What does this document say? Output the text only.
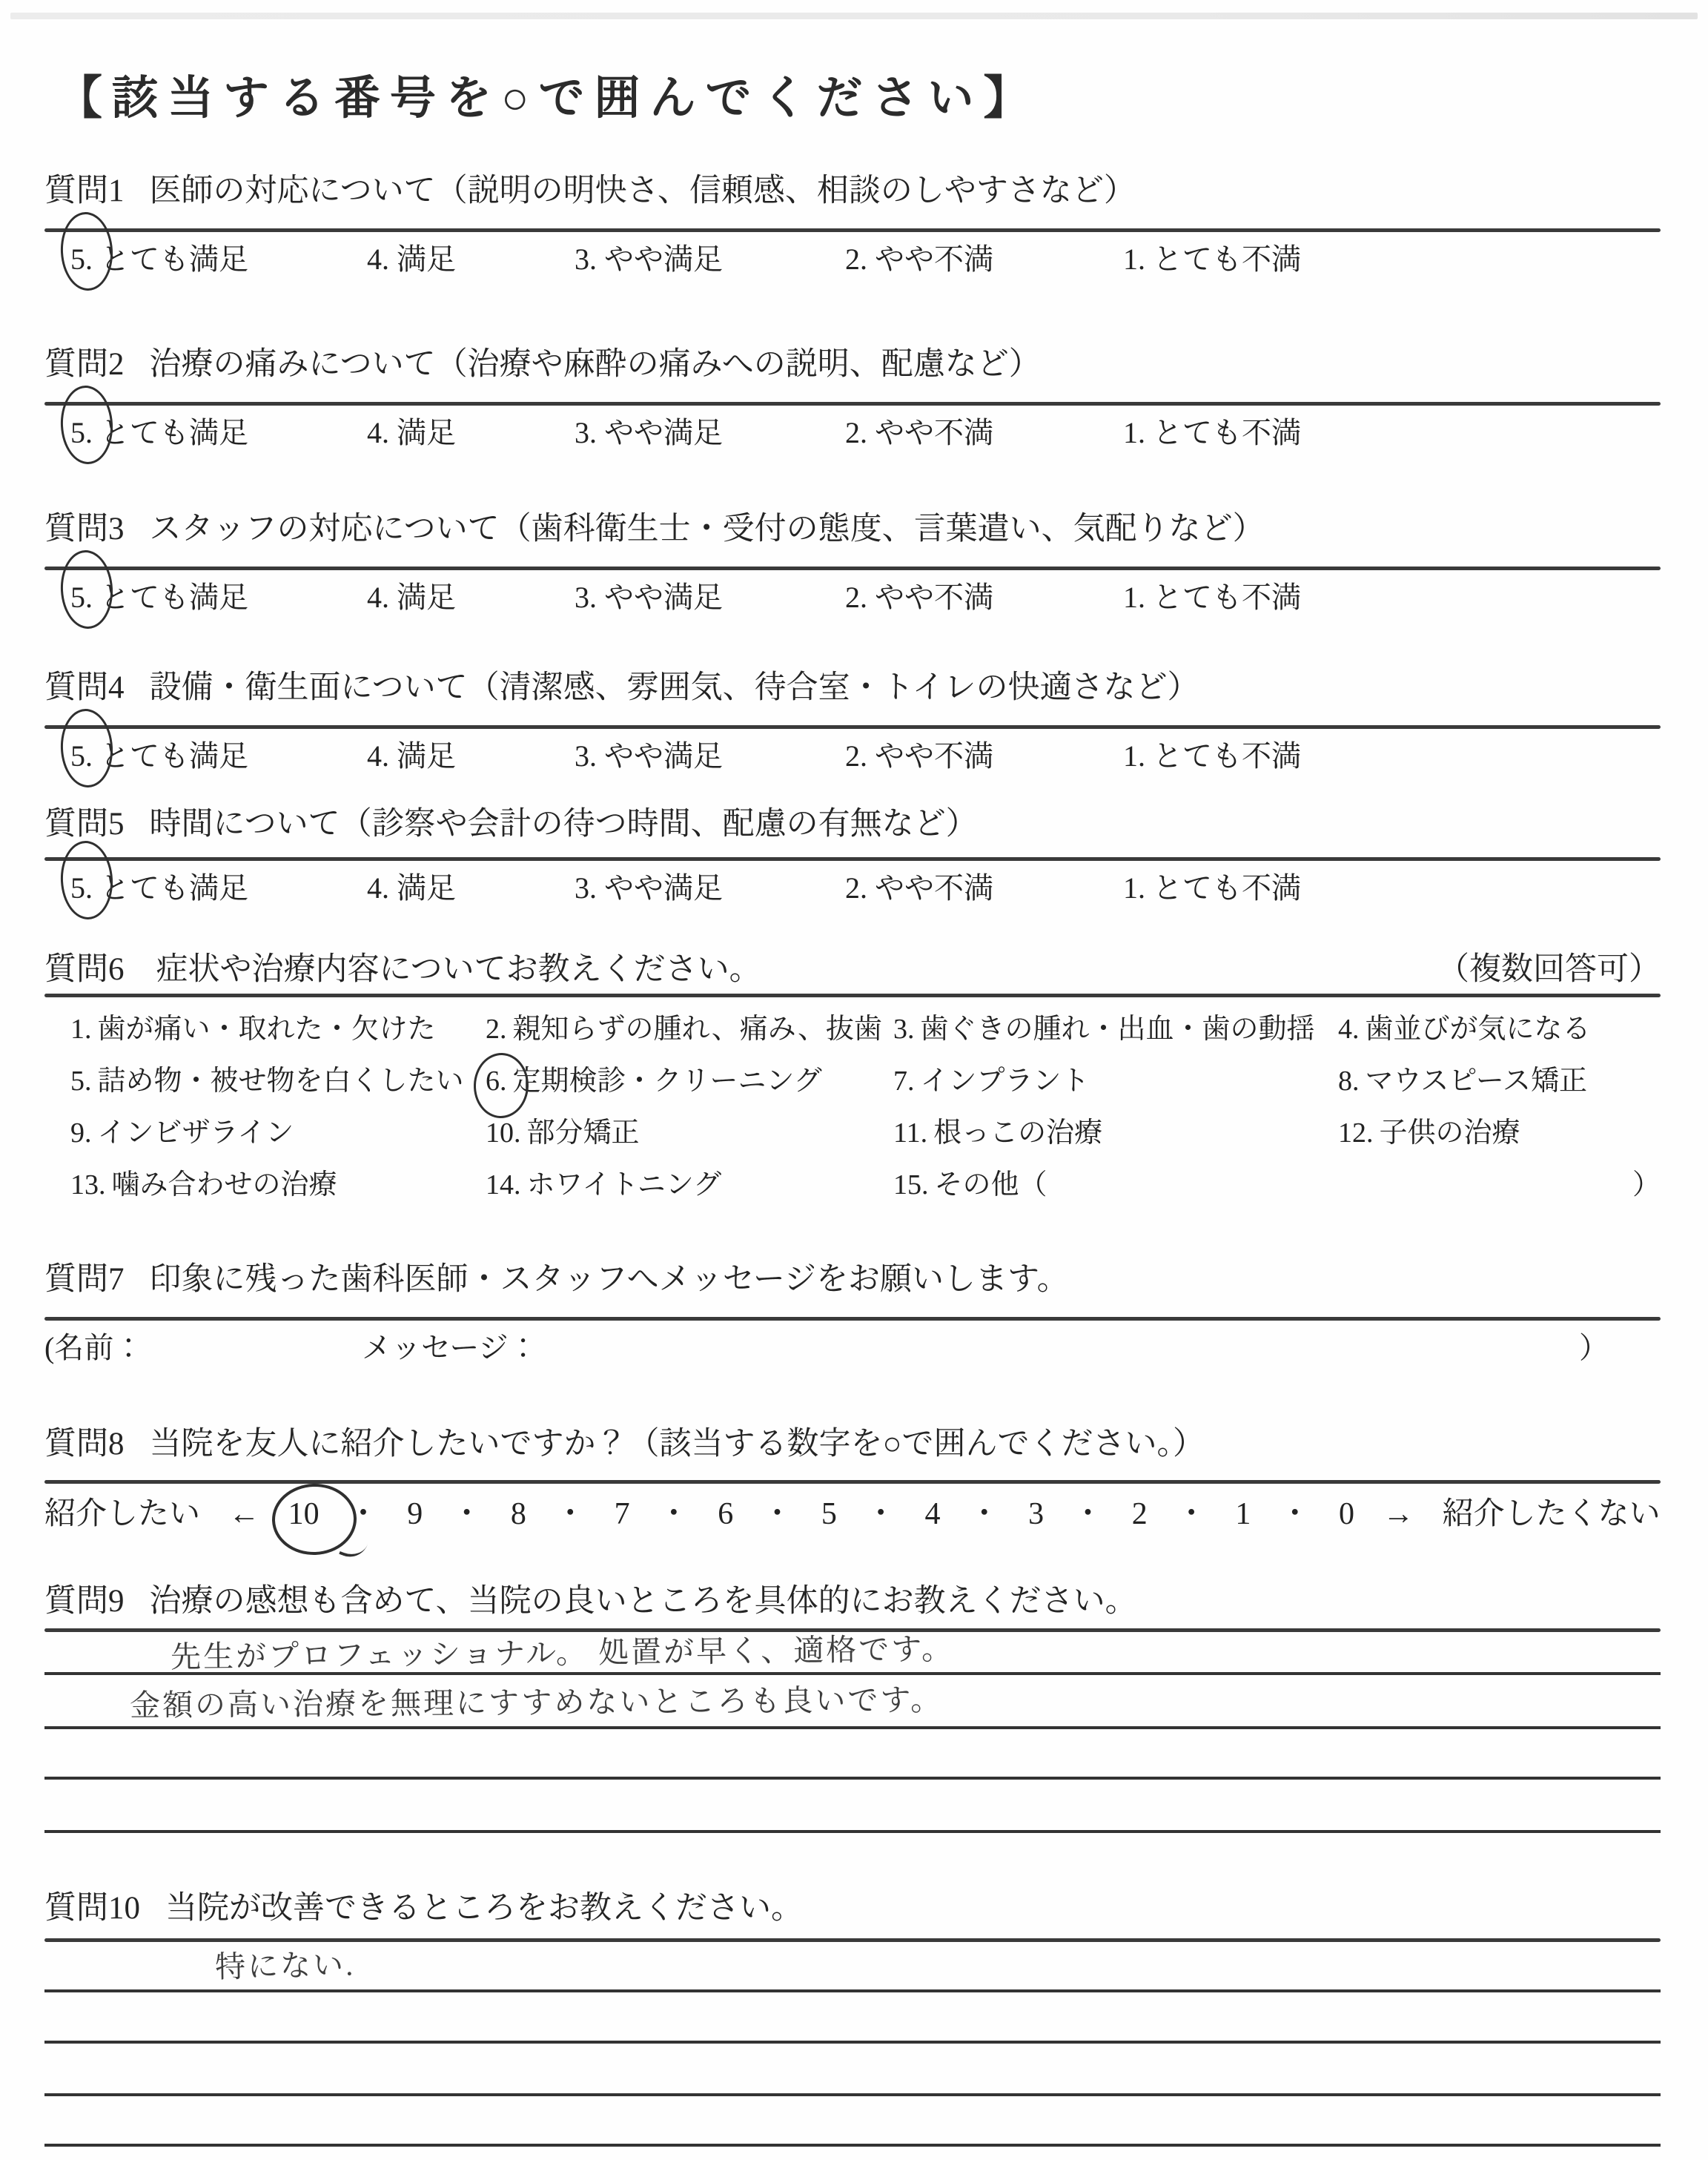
【該当する番号を○で囲んでください】
質問1 医師の対応について（説明の明快さ、信頼感、相談のしやすさなど）
5. とても満足	4. 満足	3. やや満足	2. やや不満	1. とても不満
質問2 治療の痛みについて（治療や麻酔の痛みへの説明、配慮など）
5. とても満足	4. 満足	3. やや満足	2. やや不満	1. とても不満
質問3 スタッフの対応について（歯科衛生士・受付の態度、言葉遣い、気配りなど）
5. とても満足	4. 満足	3. やや満足	2. やや不満	1. とても不満
質問4 設備・衛生面について（清潔感、雰囲気、待合室・トイレの快適さなど）
5. とても満足	4. 満足	3. やや満足	2. やや不満	1. とても不満
質問5 時間について（診察や会計の待つ時間、配慮の有無など）
5. とても満足	4. 満足	3. やや満足	2. やや不満	1. とても不満
質問6  症状や治療内容についてお教えください。	（複数回答可）
1. 歯が痛い・取れた・欠けた	2. 親知らずの腫れ、痛み、抜歯 3. 歯ぐきの腫れ・出血・歯の動揺 4. 歯並びが気になる
5. 詰め物・被せ物を白くしたい 6. 定期検診・クリーニング	7. インプラント	8. マウスピース矯正
9. インビザライン	10. 部分矯正	11. 根っこの治療	12. 子供の治療
13. 噛み合わせの治療	14. ホワイトニング	15. その他（	）
質問7 印象に残った歯科医師・スタッフへメッセージをお願いします。
(名前：	メッセージ：	）
質問8 当院を友人に紹介したいですか？（該当する数字を○で囲んでください。）
紹介したい ← 10 ・ 9 ・ 8 ・ 7 ・ 6 ・ 5 ・ 4 ・ 3 ・ 2 ・ 1 ・ 0 → 紹介したくない
質問9 治療の感想も含めて、当院の良いところを具体的にお教えください。
先生がプロフェッショナル。 処置が早く、適格です。
金額の高い治療を無理にすすめないところも良いです。
質問10 当院が改善できるところをお教えください。
特にない.
